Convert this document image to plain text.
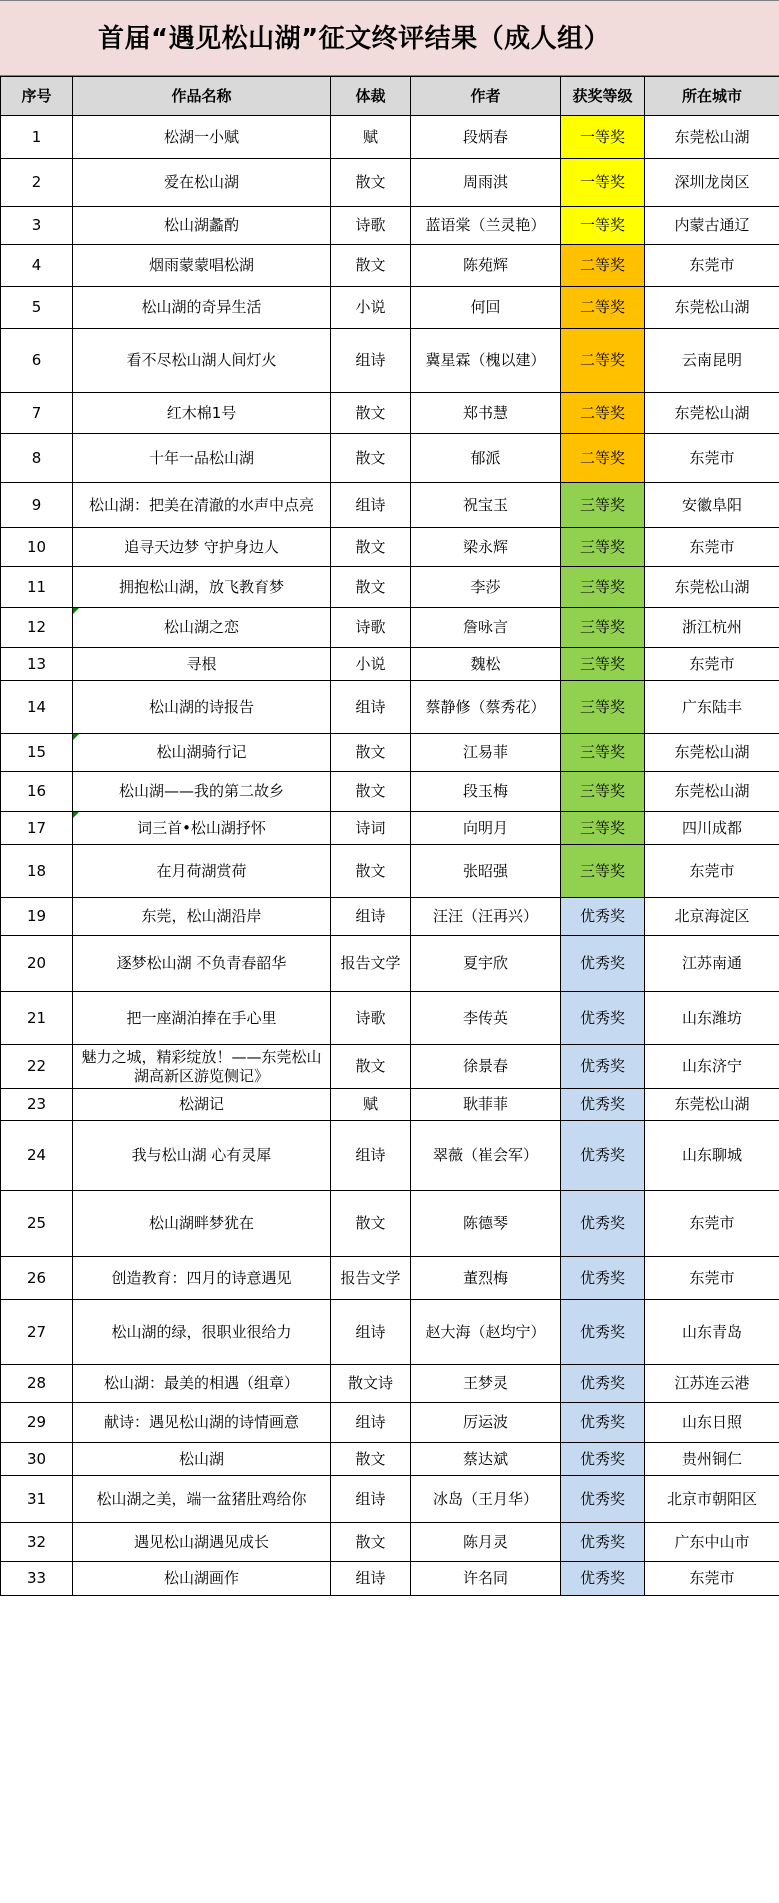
首届“遇见松山湖”征文终评结果（成人组）
序号	作品名称	体裁	作者	获奖等级	所在城市
1	松湖一小赋	赋	段炳春	一等奖	东莞松山湖
2	爱在松山湖	散文	周雨淇	一等奖	深圳龙岗区
3	松山湖蠡酌	诗歌	蓝语棠（兰灵艳）	一等奖	内蒙古通辽
4	烟雨蒙蒙唱松湖	散文	陈苑辉	二等奖	东莞市
5	松山湖的奇异生活	小说	何回	二等奖	东莞松山湖
6	看不尽松山湖人间灯火	组诗	冀星霖（槐以建）	二等奖	云南昆明
7	红木棉1号	散文	郑书慧	二等奖	东莞松山湖
8	十年一品松山湖	散文	郁派	二等奖	东莞市
9	松山湖：把美在清澈的水声中点亮	组诗	祝宝玉	三等奖	安徽阜阳
10	追寻天边梦 守护身边人	散文	梁永辉	三等奖	东莞市
11	拥抱松山湖，放飞教育梦	散文	李莎	三等奖	东莞松山湖
12	松山湖之恋	诗歌	詹咏言	三等奖	浙江杭州
13	寻根	小说	魏松	三等奖	东莞市
14	松山湖的诗报告	组诗	蔡静修（蔡秀花）	三等奖	广东陆丰
15	松山湖骑行记	散文	江易菲	三等奖	东莞松山湖
16	松山湖——我的第二故乡	散文	段玉梅	三等奖	东莞松山湖
17	词三首•松山湖抒怀	诗词	向明月	三等奖	四川成都
18	在月荷湖赏荷	散文	张昭强	三等奖	东莞市
19	东莞，松山湖沿岸	组诗	汪汪（汪再兴）	优秀奖	北京海淀区
20	逐梦松山湖 不负青春韶华	报告文学	夏宇欣	优秀奖	江苏南通
21	把一座湖泊捧在手心里	诗歌	李传英	优秀奖	山东潍坊
22	魅力之城，精彩绽放！——东莞松山湖高新区游览侧记》	散文	徐景春	优秀奖	山东济宁
23	松湖记	赋	耿菲菲	优秀奖	东莞松山湖
24	我与松山湖 心有灵犀	组诗	翠薇（崔会军）	优秀奖	山东聊城
25	松山湖畔梦犹在	散文	陈德琴	优秀奖	东莞市
26	创造教育：四月的诗意遇见	报告文学	董烈梅	优秀奖	东莞市
27	松山湖的绿，很职业很给力	组诗	赵大海（赵均宁）	优秀奖	山东青岛
28	松山湖：最美的相遇（组章）	散文诗	王梦灵	优秀奖	江苏连云港
29	献诗：遇见松山湖的诗情画意	组诗	厉运波	优秀奖	山东日照
30	松山湖	散文	蔡达斌	优秀奖	贵州铜仁
31	松山湖之美，端一盆猪肚鸡给你	组诗	冰岛（王月华）	优秀奖	北京市朝阳区
32	遇见松山湖遇见成长	散文	陈月灵	优秀奖	广东中山市
33	松山湖画作	组诗	许名同	优秀奖	东莞市
